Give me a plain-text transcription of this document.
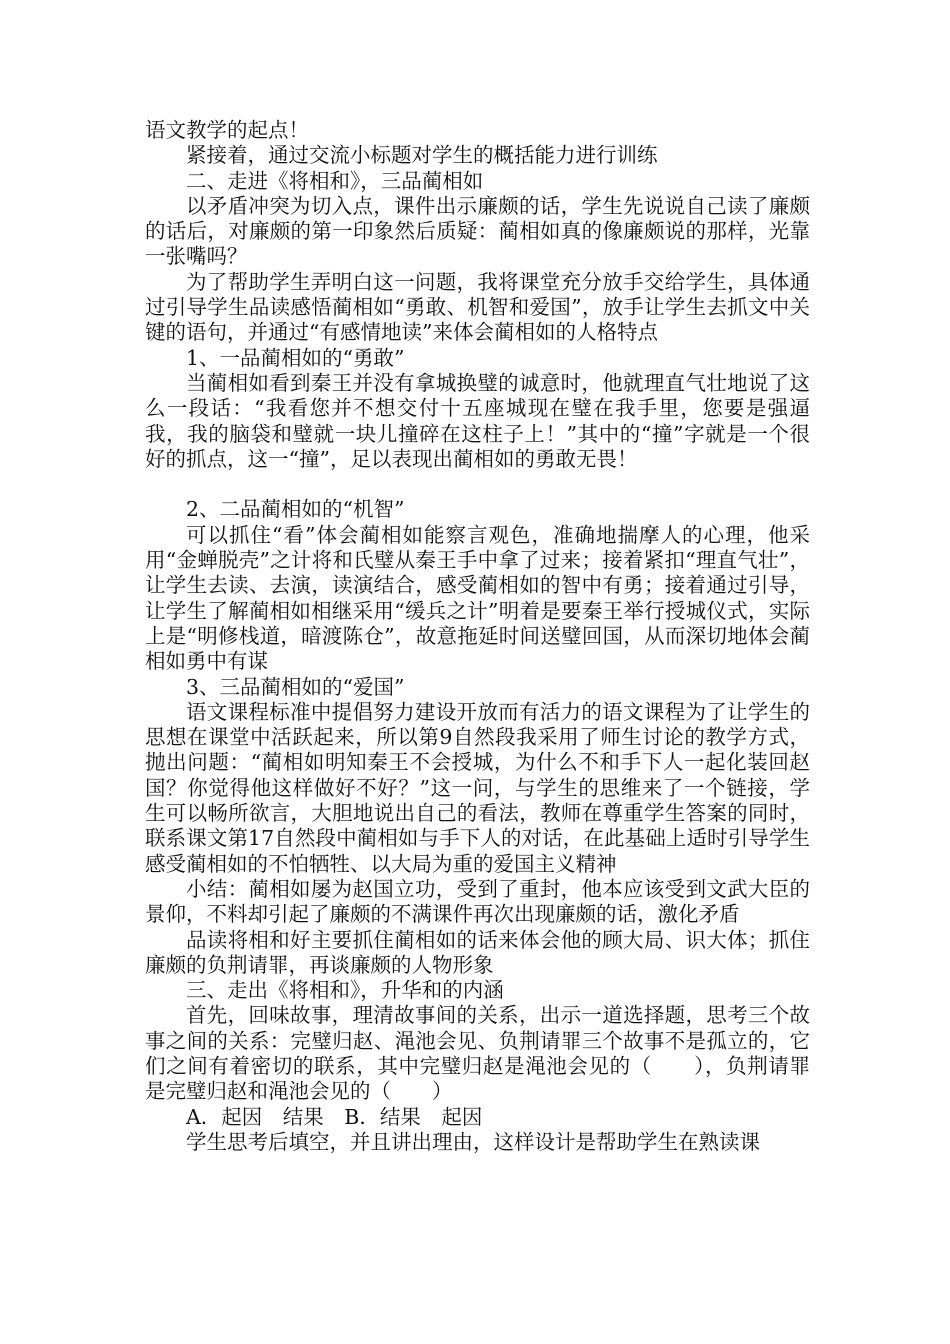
语文教学的起点！

紧接着，通过交流小标题对学生的概括能力进行训练

二、走进《将相和》，三品蔺相如

以矛盾冲突为切入点，课件出示廉颇的话，学生先说说自己读了廉颇的话后，对廉颇的第一印象然后质疑：蔺相如真的像廉颇说的那样，光靠一张嘴吗？

为了帮助学生弄明白这一问题，我将课堂充分放手交给学生，具体通过引导学生品读感悟蔺相如“勇敢、机智和爱国”，放手让学生去抓文中关键的语句，并通过“有感情地读”来体会蔺相如的人格特点

1、一品蔺相如的“勇敢”

当蔺相如看到秦王并没有拿城换璧的诚意时，他就理直气壮地说了这么一段话：“我看您并不想交付十五座城现在璧在我手里，您要是强逼我，我的脑袋和璧就一块儿撞碎在这柱子上！”其中的“撞”字就是一个很好的抓点，这一“撞”，足以表现出蔺相如的勇敢无畏！

2、二品蔺相如的“机智”

可以抓住“看”体会蔺相如能察言观色，准确地揣摩人的心理，他采用“金蝉脱壳”之计将和氏璧从秦王手中拿了过来；接着紧扣“理直气壮”，让学生去读、去演，读演结合，感受蔺相如的智中有勇；接着通过引导，让学生了解蔺相如相继采用“缓兵之计”明着是要秦王举行授城仪式，实际上是“明修栈道，暗渡陈仓”，故意拖延时间送璧回国，从而深切地体会蔺相如勇中有谋

3、三品蔺相如的“爱国”

语文课程标准中提倡努力建设开放而有活力的语文课程为了让学生的思想在课堂中活跃起来，所以第9自然段我采用了师生讨论的教学方式，抛出问题：“蔺相如明知秦王不会授城，为什么不和手下人一起化装回赵国？你觉得他这样做好不好？”这一问，与学生的思维来了一个链接，学生可以畅所欲言，大胆地说出自己的看法，教师在尊重学生答案的同时，联系课文第17自然段中蔺相如与手下人的对话，在此基础上适时引导学生感受蔺相如的不怕牺牲、以大局为重的爱国主义精神

小结：蔺相如屡为赵国立功，受到了重封，他本应该受到文武大臣的景仰，不料却引起了廉颇的不满课件再次出现廉颇的话，激化矛盾

品读将相和好主要抓住蔺相如的话来体会他的顾大局、识大体；抓住廉颇的负荆请罪，再谈廉颇的人物形象

三、走出《将相和》，升华和的内涵

首先，回味故事，理清故事间的关系，出示一道选择题，思考三个故事之间的关系：完璧归赵、渑池会见、负荆请罪三个故事不是孤立的，它们之间有着密切的联系，其中完璧归赵是渑池会见的（　　），负荆请罪是完璧归赵和渑池会见的（　　）

A．起因　结果　B．结果　起因

学生思考后填空，并且讲出理由，这样设计是帮助学生在熟读课
